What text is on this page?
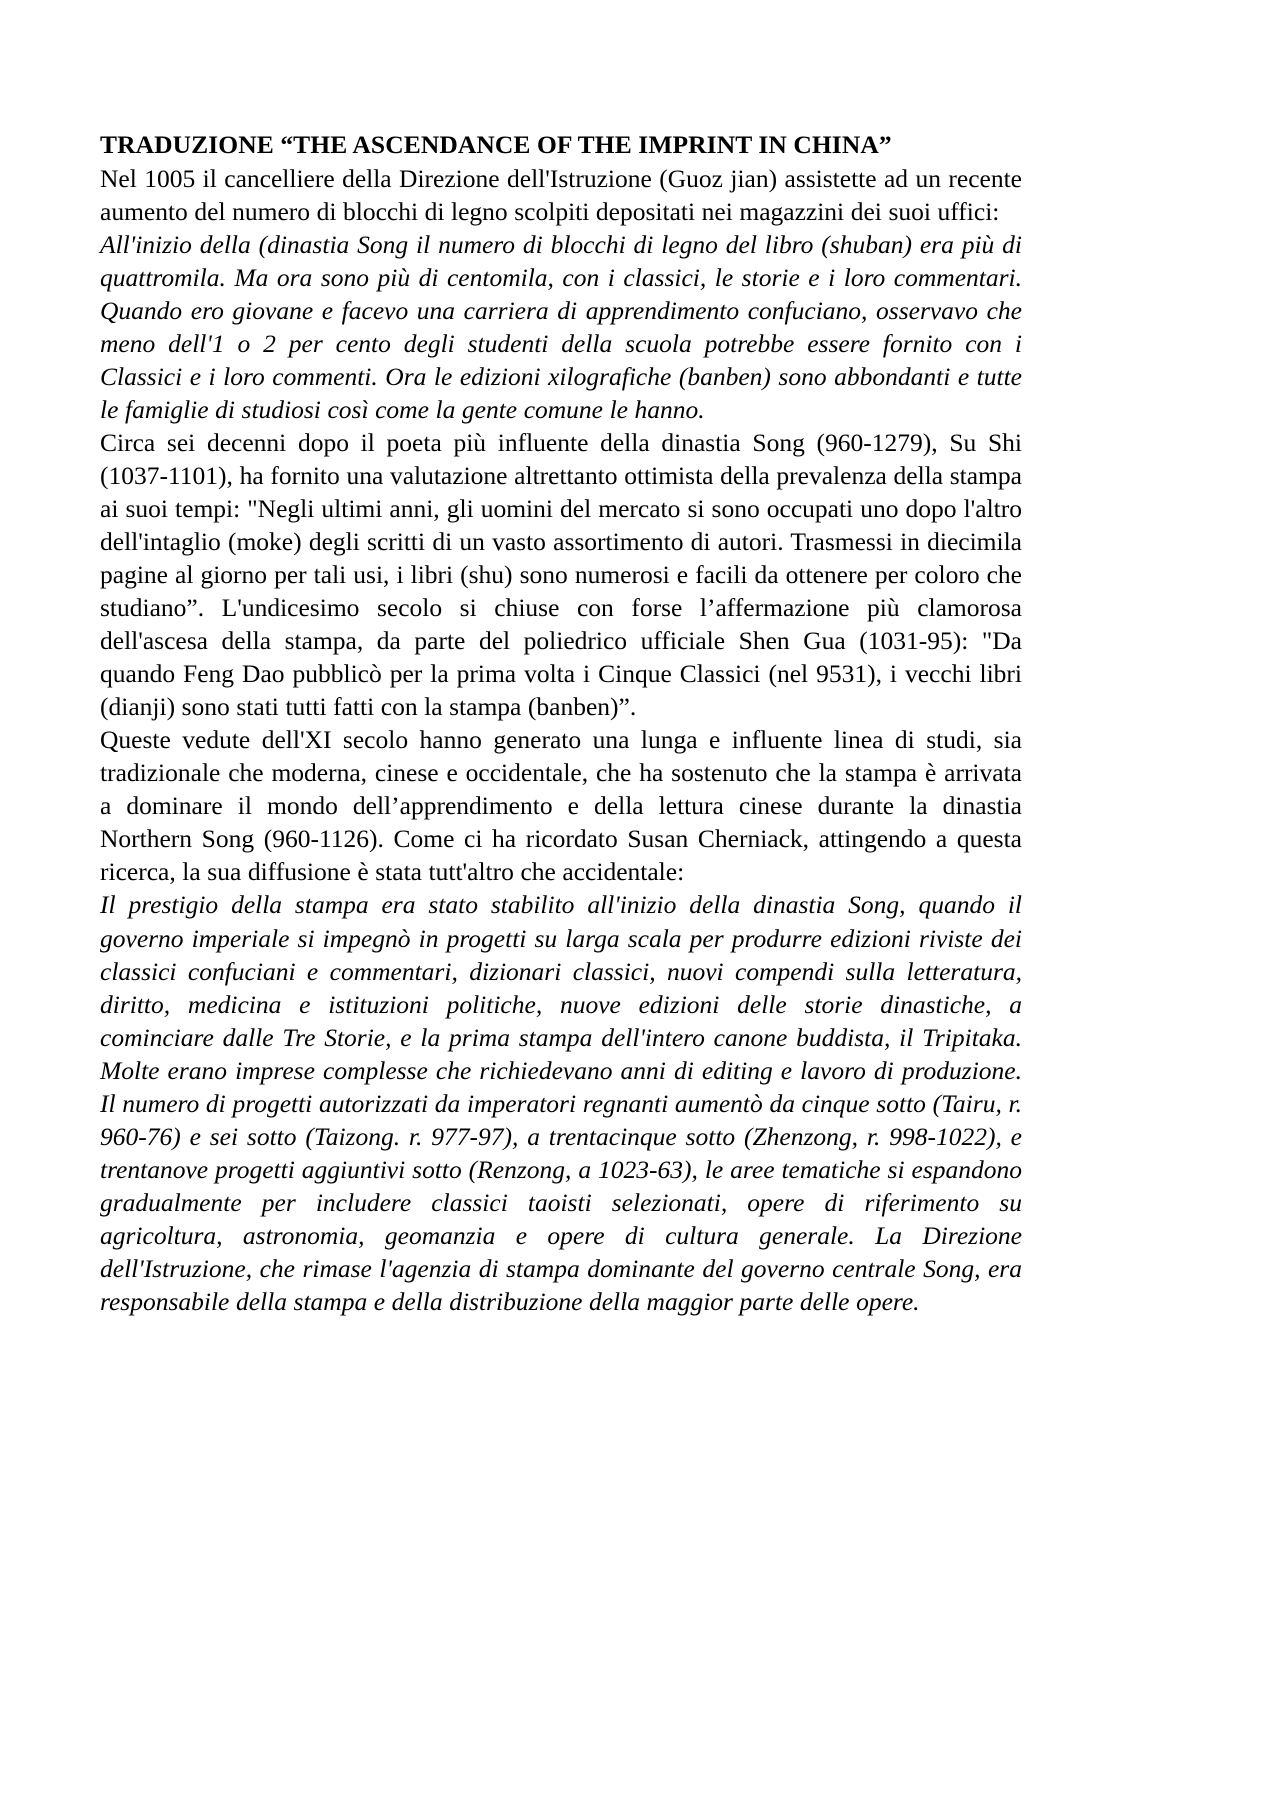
TRADUZIONE “THE ASCENDANCE OF THE IMPRINT IN CHINA”

Nel 1005 il cancelliere della Direzione dell'Istruzione (Guoz jian) assistette ad un recente aumento del numero di blocchi di legno scolpiti depositati nei magazzini dei suoi uffici:

All'inizio della (dinastia Song il numero di blocchi di legno del libro (shuban) era più di quattromila. Ma ora sono più di centomila, con i classici, le storie e i loro commentari. Quando ero giovane e facevo una carriera di apprendimento confuciano, osservavo che meno dell'1 o 2 per cento degli studenti della scuola potrebbe essere fornito con i Classici e i loro commenti. Ora le edizioni xilografiche (banben) sono abbondanti e tutte le famiglie di studiosi così come la gente comune le hanno.

Circa sei decenni dopo il poeta più influente della dinastia Song (960-1279), Su Shi (1037-1101), ha fornito una valutazione altrettanto ottimista della prevalenza della stampa ai suoi tempi: "Negli ultimi anni, gli uomini del mercato si sono occupati uno dopo l'altro dell'intaglio (moke) degli scritti di un vasto assortimento di autori. Trasmessi in diecimila pagine al giorno per tali usi, i libri (shu) sono numerosi e facili da ottenere per coloro che studiano”. L'undicesimo secolo si chiuse con forse l’affermazione più clamorosa dell'ascesa della stampa, da parte del poliedrico ufficiale Shen Gua (1031-95): "Da quando Feng Dao pubblicò per la prima volta i Cinque Classici (nel 9531), i vecchi libri (dianji) sono stati tutti fatti con la stampa (banben)”.

Queste vedute dell'XI secolo hanno generato una lunga e influente linea di studi, sia tradizionale che moderna, cinese e occidentale, che ha sostenuto che la stampa è arrivata a dominare il mondo dell’apprendimento e della lettura cinese durante la dinastia Northern Song (960-1126). Come ci ha ricordato Susan Cherniack, attingendo a questa ricerca, la sua diffusione è stata tutt'altro che accidentale:

Il prestigio della stampa era stato stabilito all'inizio della dinastia Song, quando il governo imperiale si impegnò in progetti su larga scala per produrre edizioni riviste dei classici confuciani e commentari, dizionari classici, nuovi compendi sulla letteratura, diritto, medicina e istituzioni politiche, nuove edizioni delle storie dinastiche, a cominciare dalle Tre Storie, e la prima stampa dell'intero canone buddista, il Tripitaka. Molte erano imprese complesse che richiedevano anni di editing e lavoro di produzione. Il numero di progetti autorizzati da imperatori regnanti aumentò da cinque sotto (Tairu, r. 960-76) e sei sotto (Taizong. r. 977-97), a trentacinque sotto (Zhenzong, r. 998-1022), e trentanove progetti aggiuntivi sotto (Renzong, a 1023-63), le aree tematiche si espandono gradualmente per includere classici taoisti selezionati, opere di riferimento su agricoltura, astronomia, geomanzia e opere di cultura generale. La Direzione dell'Istruzione, che rimase l'agenzia di stampa dominante del governo centrale Song, era responsabile della stampa e della distribuzione della maggior parte delle opere.
